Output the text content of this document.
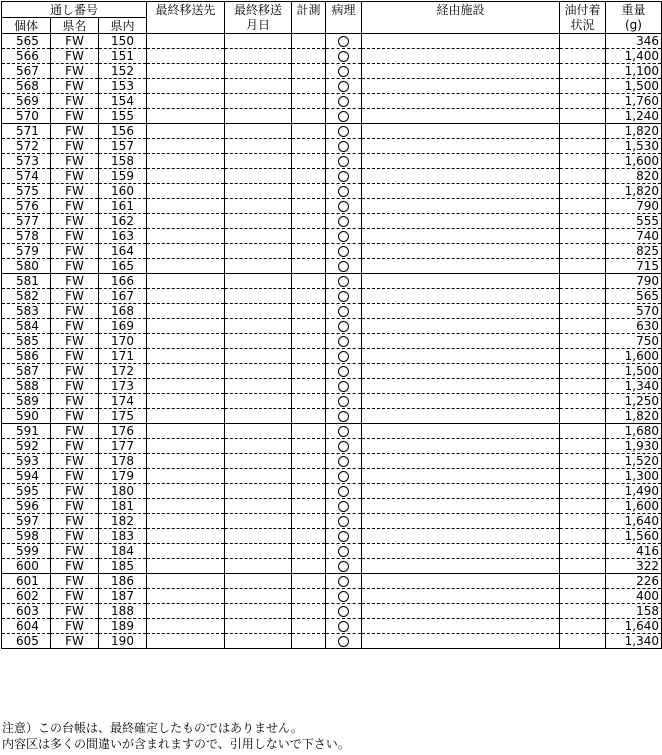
通し番号			最終移送先	最終移送	計測	病理	経由施設	油付着	重量
個体	県名	県内		月日				状況	(g)
565	FW	150							346
566	FW	151							1,400
567	FW	152							1,100
568	FW	153							1,500
569	FW	154							1,760
570	FW	155							1,240
571	FW	156							1,820
572	FW	157							1,530
573	FW	158							1,600
574	FW	159							820
575	FW	160							1,820
576	FW	161							790
577	FW	162							555
578	FW	163							740
579	FW	164							825
580	FW	165							715
581	FW	166							790
582	FW	167							565
583	FW	168							570
584	FW	169							630
585	FW	170							750
586	FW	171							1,600
587	FW	172							1,500
588	FW	173							1,340
589	FW	174							1,250
590	FW	175							1,820
591	FW	176							1,680
592	FW	177							1,930
593	FW	178							1,520
594	FW	179							1,300
595	FW	180							1,490
596	FW	181							1,600
597	FW	182							1,640
598	FW	183							1,560
599	FW	184							416
600	FW	185							322
601	FW	186							226
602	FW	187							400
603	FW	188							158
604	FW	189							1,640
605	FW	190							1,340
注意）この台帳は、最終確定したものではありません。
内容区は多くの間違いが含まれますので、引用しないで下さい。
